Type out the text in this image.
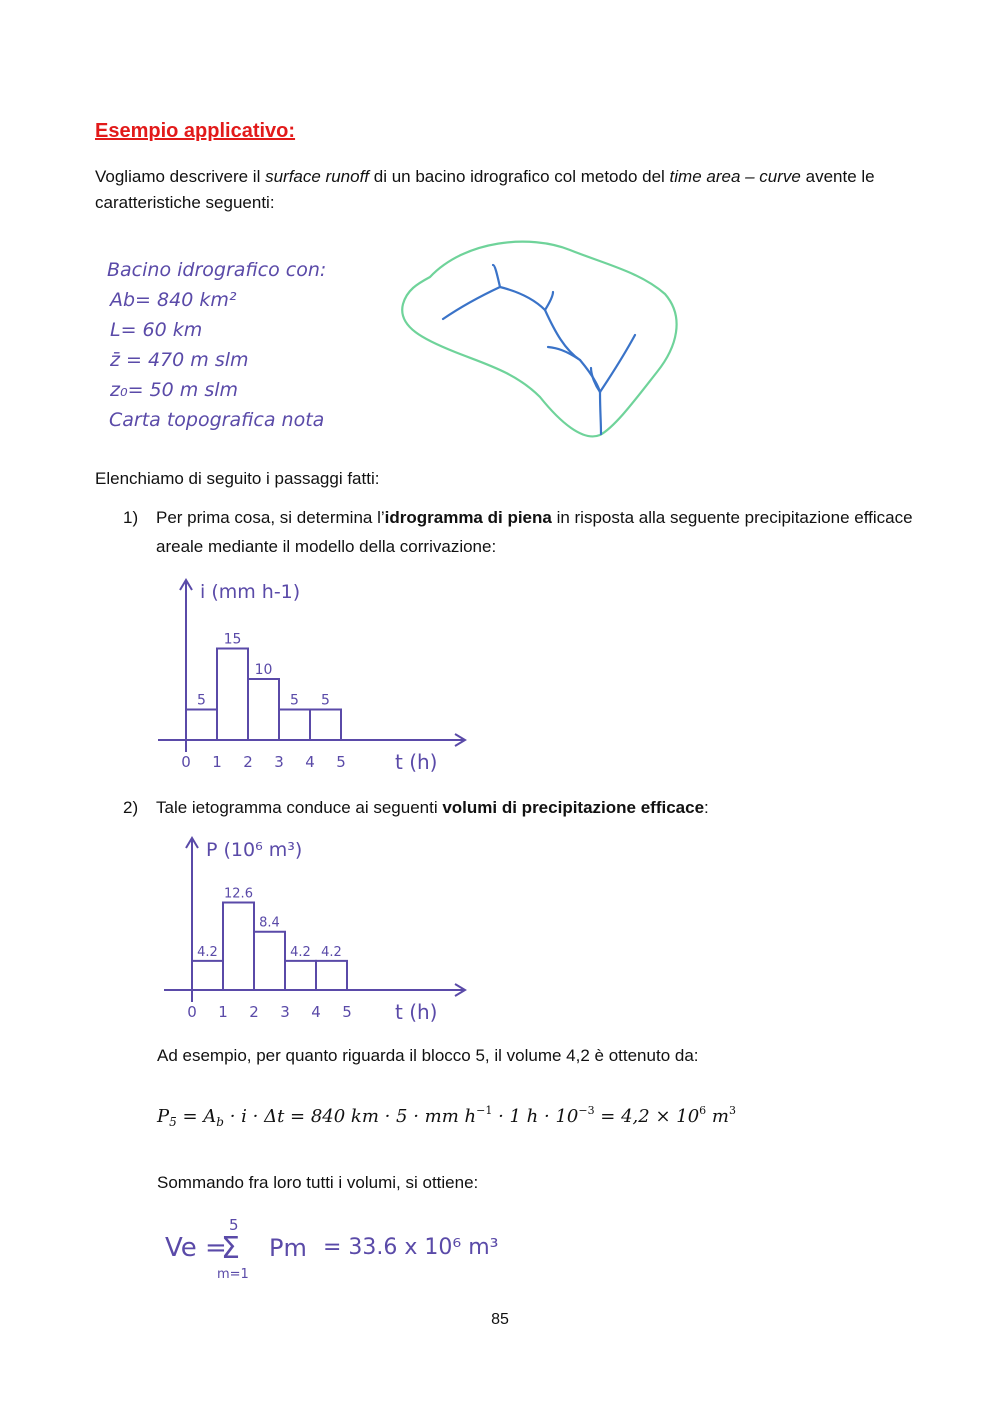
Esempio applicativo:
Vogliamo descrivere il surface runoff di un bacino idrografico col metodo del time area – curve avente le caratteristiche seguenti:
Bacino idrografico con:
Ab= 840 km²
L= 60 km
z̄ = 470 m slm
z₀= 50 m slm
Carta topografica nota
Elenchiamo di seguito i passaggi fatti:
1)	Per prima cosa, si determina l’idrogramma di piena in risposta alla seguente precipitazione efficace areale mediante il modello della corrivazione:
5
15
10
5 5
0 1 2 3 4 5 t (h)
i (mm h-1)
2)	Tale ietogramma conduce ai seguenti volumi di precipitazione efficace:
4.2
12.6
8.4
4.2 4.2
0 1 2 3 4 5 t (h)
P (10⁶ m³)
Ad esempio, per quanto riguarda il blocco 5, il volume 4,2 è ottenuto da:
$P_5 = A_b \cdot i \cdot \Delta t = 840$ km · 5 · mm $h^{-1} \cdot 1$ $h \cdot 10^{-3} = 4,2 \times 10^6$ $m^3$
Sommando fra loro tutti i volumi, si ottiene:
Ve =
5
Σ
m=1
Pm = 33.6 x 10⁶ m³
85
